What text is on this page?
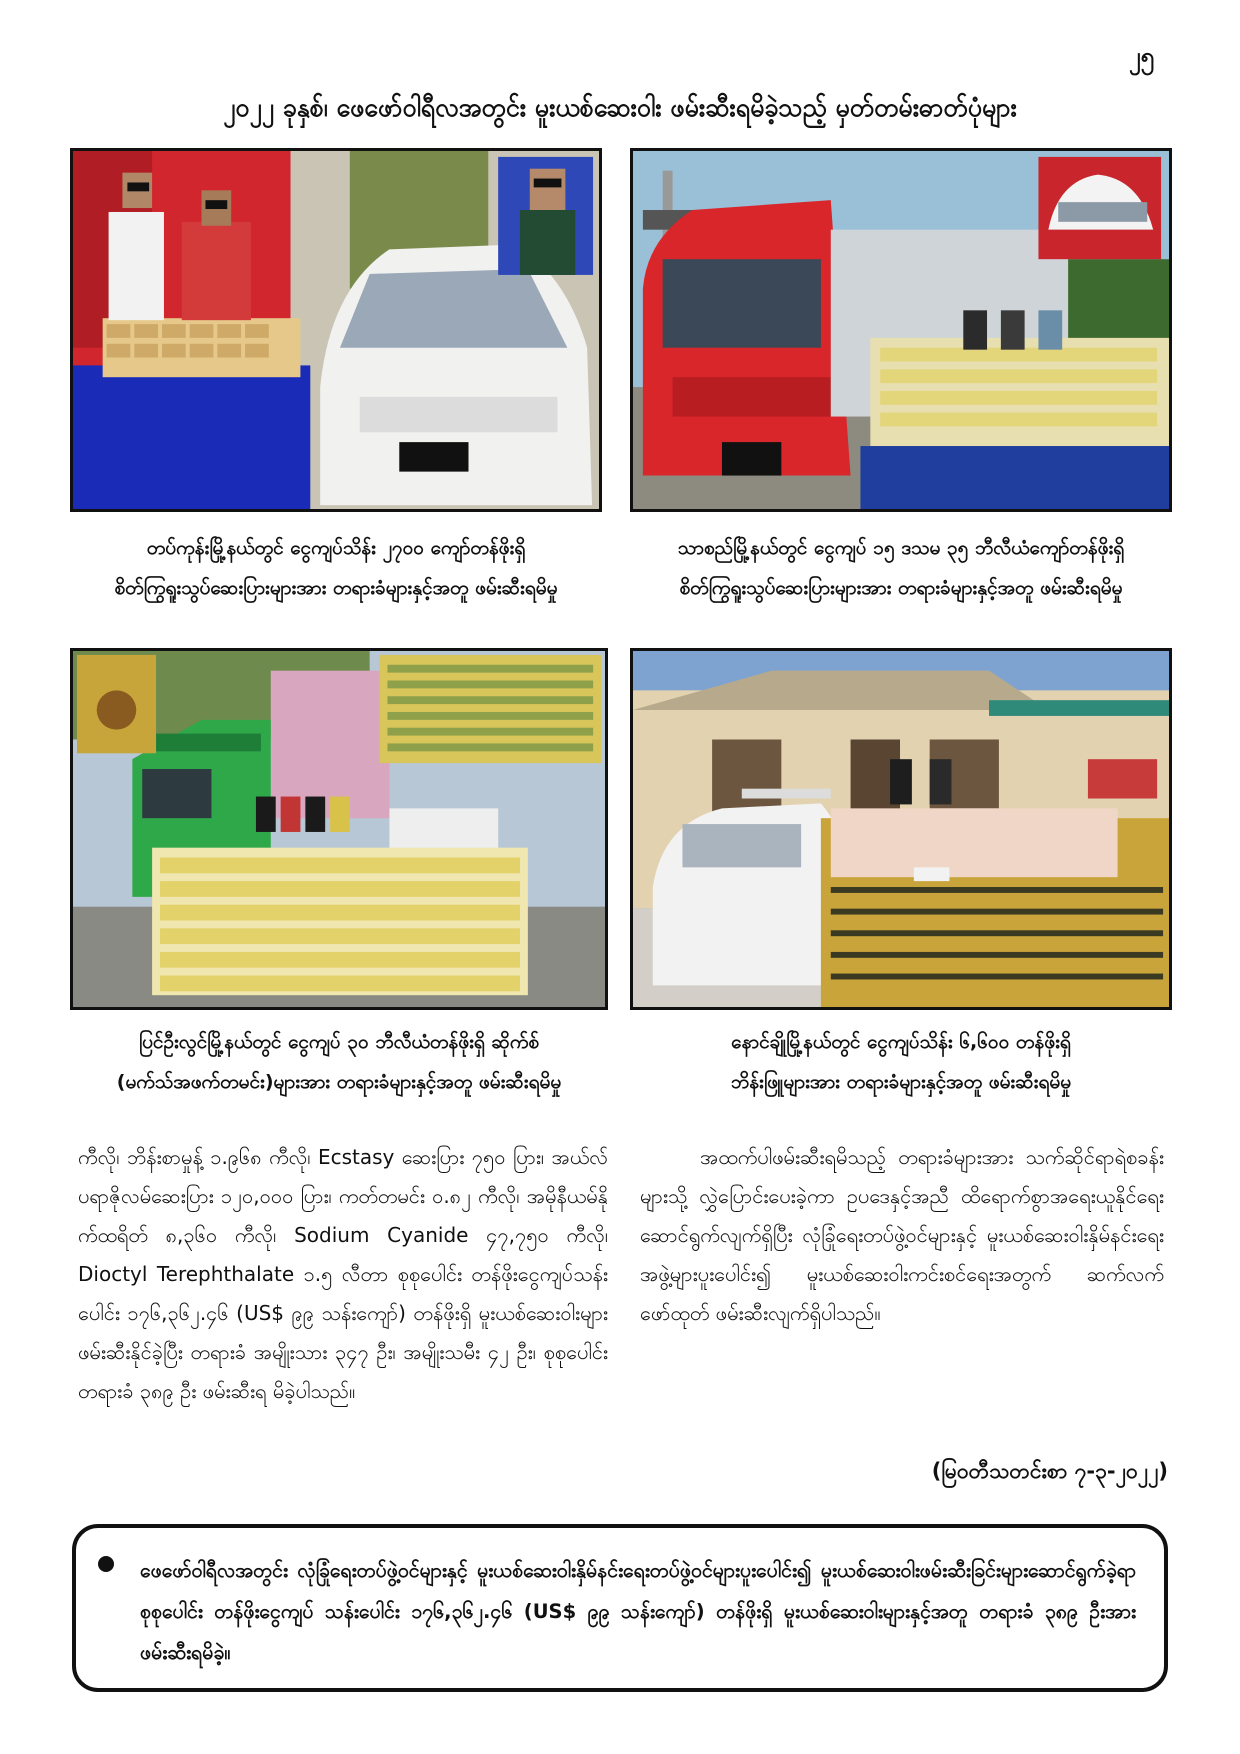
၂၅
၂၀၂၂ ခုနှစ်၊ ဖေဖော်ဝါရီလအတွင်း မူးယစ်ဆေးဝါး ဖမ်းဆီးရမိခဲ့သည့် မှတ်တမ်းဓာတ်ပုံများ
တပ်ကုန်းမြို့နယ်တွင် ငွေကျပ်သိန်း ၂၇၀၀ ကျော်တန်ဖိုးရှိ
စိတ်ကြွရူးသွပ်ဆေးပြားများအား တရားခံများနှင့်အတူ ဖမ်းဆီးရမိမှု
သာစည်မြို့နယ်တွင် ငွေကျပ် ၁၅ ဒသမ ၃၅ ဘီလီယံကျော်တန်ဖိုးရှိ
စိတ်ကြွရူးသွပ်ဆေးပြားများအား တရားခံများနှင့်အတူ ဖမ်းဆီးရမိမှု
ပြင်ဦးလွင်မြို့နယ်တွင် ငွေကျပ် ၃၀ ဘီလီယံတန်ဖိုးရှိ ဆိုက်စ်
(မက်သ်အဖက်တမင်း)များအား တရားခံများနှင့်အတူ ဖမ်းဆီးရမိမှု
နောင်ချိုမြို့နယ်တွင် ငွေကျပ်သိန်း ၆,၆၀၀ တန်ဖိုးရှိ
ဘိန်းဖြူများအား တရားခံများနှင့်အတူ ဖမ်းဆီးရမိမှု
ကီလို၊ ဘိန်းစာမှုန့် ၁.၉၆၈ ကီလို၊ Ecstasy ဆေးပြား ၇၅၀ ပြား၊ အယ်လ်ပရာဇိုလမ်ဆေးပြား ၁၂၀,၀၀၀ ပြား၊ ကတ်တမင်း ၀.၈၂ ကီလို၊ အမိုနီယမ်နိုက်ထရိတ် ၈,၃၆၀ ကီလို၊ Sodium Cyanide ၄၇,၇၅၀ ကီလို၊ Dioctyl Terephthalate ၁.၅ လီတာ စုစုပေါင်း တန်ဖိုးငွေကျပ်သန်းပေါင်း ၁၇၆,၃၆၂.၄၆ (US$ ၉၉ သန်းကျော်) တန်ဖိုးရှိ မူးယစ်ဆေးဝါးများ ဖမ်းဆီးနိုင်ခဲ့ပြီး တရားခံ အမျိုးသား ၃၄၇ ဦး၊ အမျိုးသမီး ၄၂ ဦး၊ စုစုပေါင်း တရားခံ ၃၈၉ ဦး ဖမ်းဆီးရ မိခဲ့ပါသည်။
အထက်ပါဖမ်းဆီးရမိသည့် တရားခံများအား သက်ဆိုင်ရာရဲစခန်းများသို့ လွှဲပြောင်းပေးခဲ့ကာ ဥပဒေနှင့်အညီ ထိရောက်စွာအရေးယူနိုင်ရေး ဆောင်ရွက်လျက်ရှိပြီး လုံခြုံရေးတပ်ဖွဲ့ဝင်များနှင့် မူးယစ်ဆေးဝါးနှိမ်နင်းရေးအဖွဲ့များပူးပေါင်း၍ မူးယစ်ဆေးဝါးကင်းစင်ရေးအတွက် ဆက်လက်ဖော်ထုတ် ဖမ်းဆီးလျက်ရှိပါသည်။
(မြဝတီသတင်းစာ ၇-၃-၂၀၂၂)
ဖေဖော်ဝါရီလအတွင်း လုံခြုံရေးတပ်ဖွဲ့ဝင်များနှင့် မူးယစ်ဆေးဝါးနှိမ်နင်းရေးတပ်ဖွဲ့ဝင်များပူးပေါင်း၍ မူးယစ်ဆေးဝါးဖမ်းဆီးခြင်းများဆောင်ရွက်ခဲ့ရာ စုစုပေါင်း တန်ဖိုးငွေကျပ် သန်းပေါင်း ၁၇၆,၃၆၂.၄၆ (US$ ၉၉ သန်းကျော်) တန်ဖိုးရှိ မူးယစ်ဆေးဝါးများနှင့်အတူ တရားခံ ၃၈၉ ဦးအား ဖမ်းဆီးရမိခဲ့။
